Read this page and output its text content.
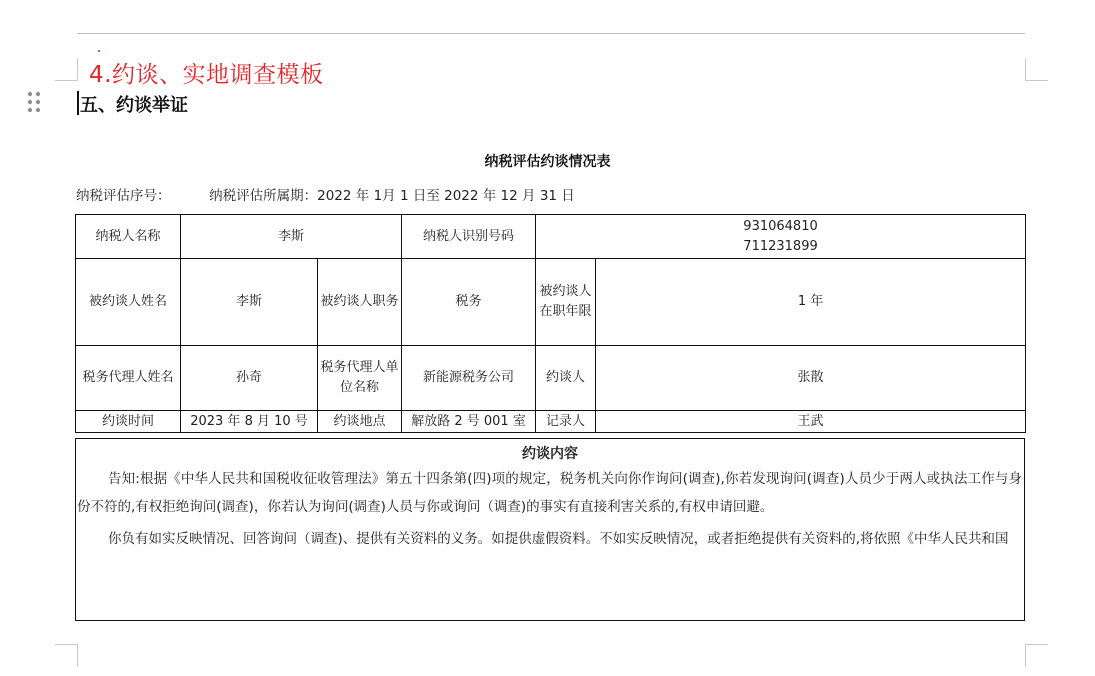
4.约谈、实地调查模板
五、约谈举证
纳税评估约谈情况表
纳税评估序号：	纳税评估所属期：2022 年 1月 1 日至 2022 年 12 月 31 日
纳税人名称	李斯		纳税人识别号码	931064810
711231899	

被约谈人姓名	李斯	被约谈人职务	税务	被约谈人在职年限	1 年
税务代理人姓名	孙奇	税务代理人单位名称	新能源税务公司	约谈人	张散
约谈时间	2023 年 8 月 10 号	约谈地点	解放路 2 号 001 室	记录人	王武
约谈内容

告知:根据《中华人民共和国税收征收管理法》第五十四条第(四)项的规定，税务机关向你作询问(调查),你若发现询问(调查)人员少于两人或执法工作与身份不符的,有权拒绝询问(调查)，你若认为询问(调查)人员与你或询问（调查)的事实有直接利害关系的,有权申请回避。

你负有如实反映情况、回答询问（调查)、提供有关资料的义务。如提供虚假资料。不如实反映情况，或者拒绝提供有关资料的,将依照《中华人民共和国
